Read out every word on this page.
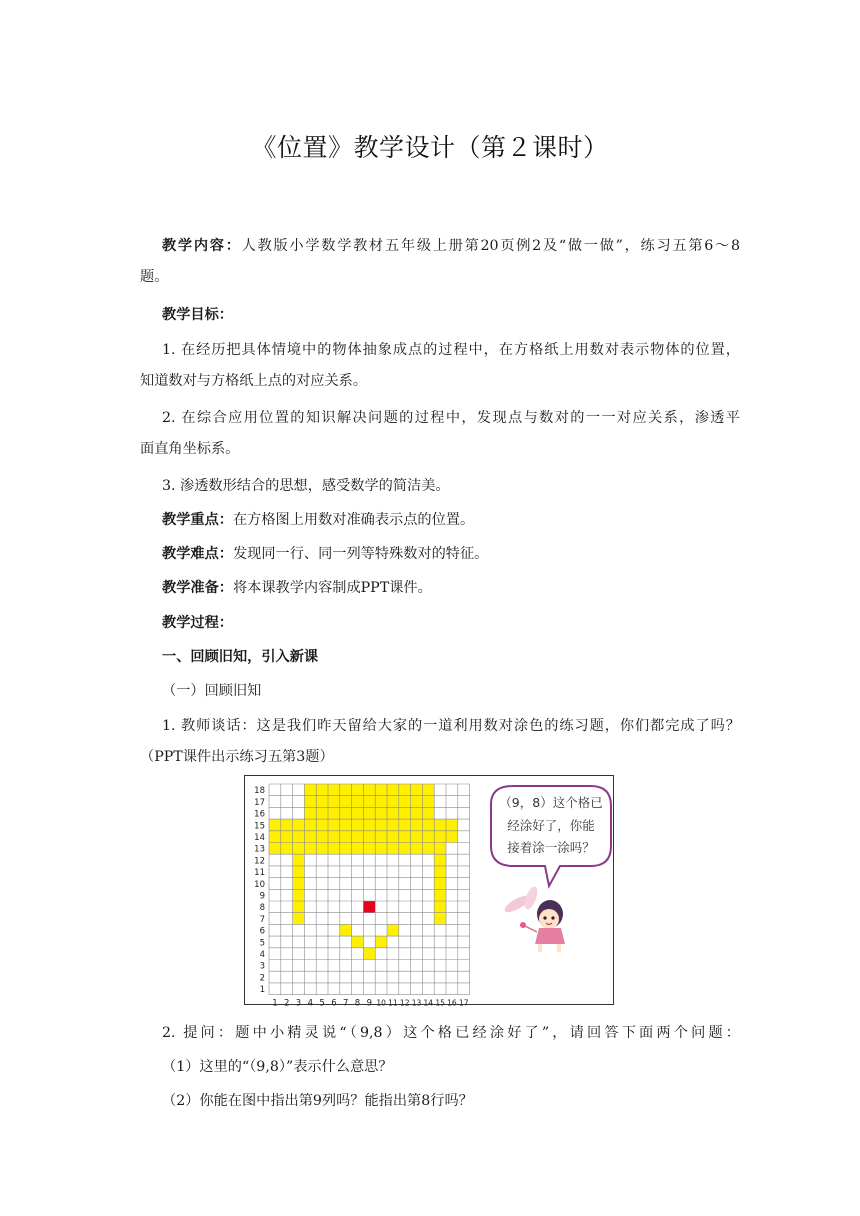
《位置》教学设计（第２课时）
教学内容：人教版小学数学教材五年级上册第20页例2及“做一做”，练习五第6～8
题。
教学目标：
1. 在经历把具体情境中的物体抽象成点的过程中，在方格纸上用数对表示物体的位置，
知道数对与方格纸上点的对应关系。
2. 在综合应用位置的知识解决问题的过程中，发现点与数对的一一对应关系，渗透平
面直角坐标系。
3. 渗透数形结合的思想，感受数学的简洁美。
教学重点：在方格图上用数对准确表示点的位置。
教学难点：发现同一行、同一列等特殊数对的特征。
教学准备：将本课教学内容制成PPT课件。
教学过程：
一、回顾旧知，引入新课
（一）回顾旧知
1. 教师谈话：这是我们昨天留给大家的一道利用数对涂色的练习题，你们都完成了吗？
（PPT课件出示练习五第3题）
1
2
3
4
5
6
7
8
9
10
11
12
13
14
15
16
17
18
1 2 3 4 5 6 7 8 9 10 11 12 13 14 15 16 17
（9，8）这个格已
经涂好了，你能
接着涂一涂吗？
2. 提问：题中小精灵说“（9,8）这个格已经涂好了”，请回答下面两个问题：
（1）这里的“（9,8）”表示什么意思？
（2）你能在图中指出第9列吗？能指出第8行吗？
